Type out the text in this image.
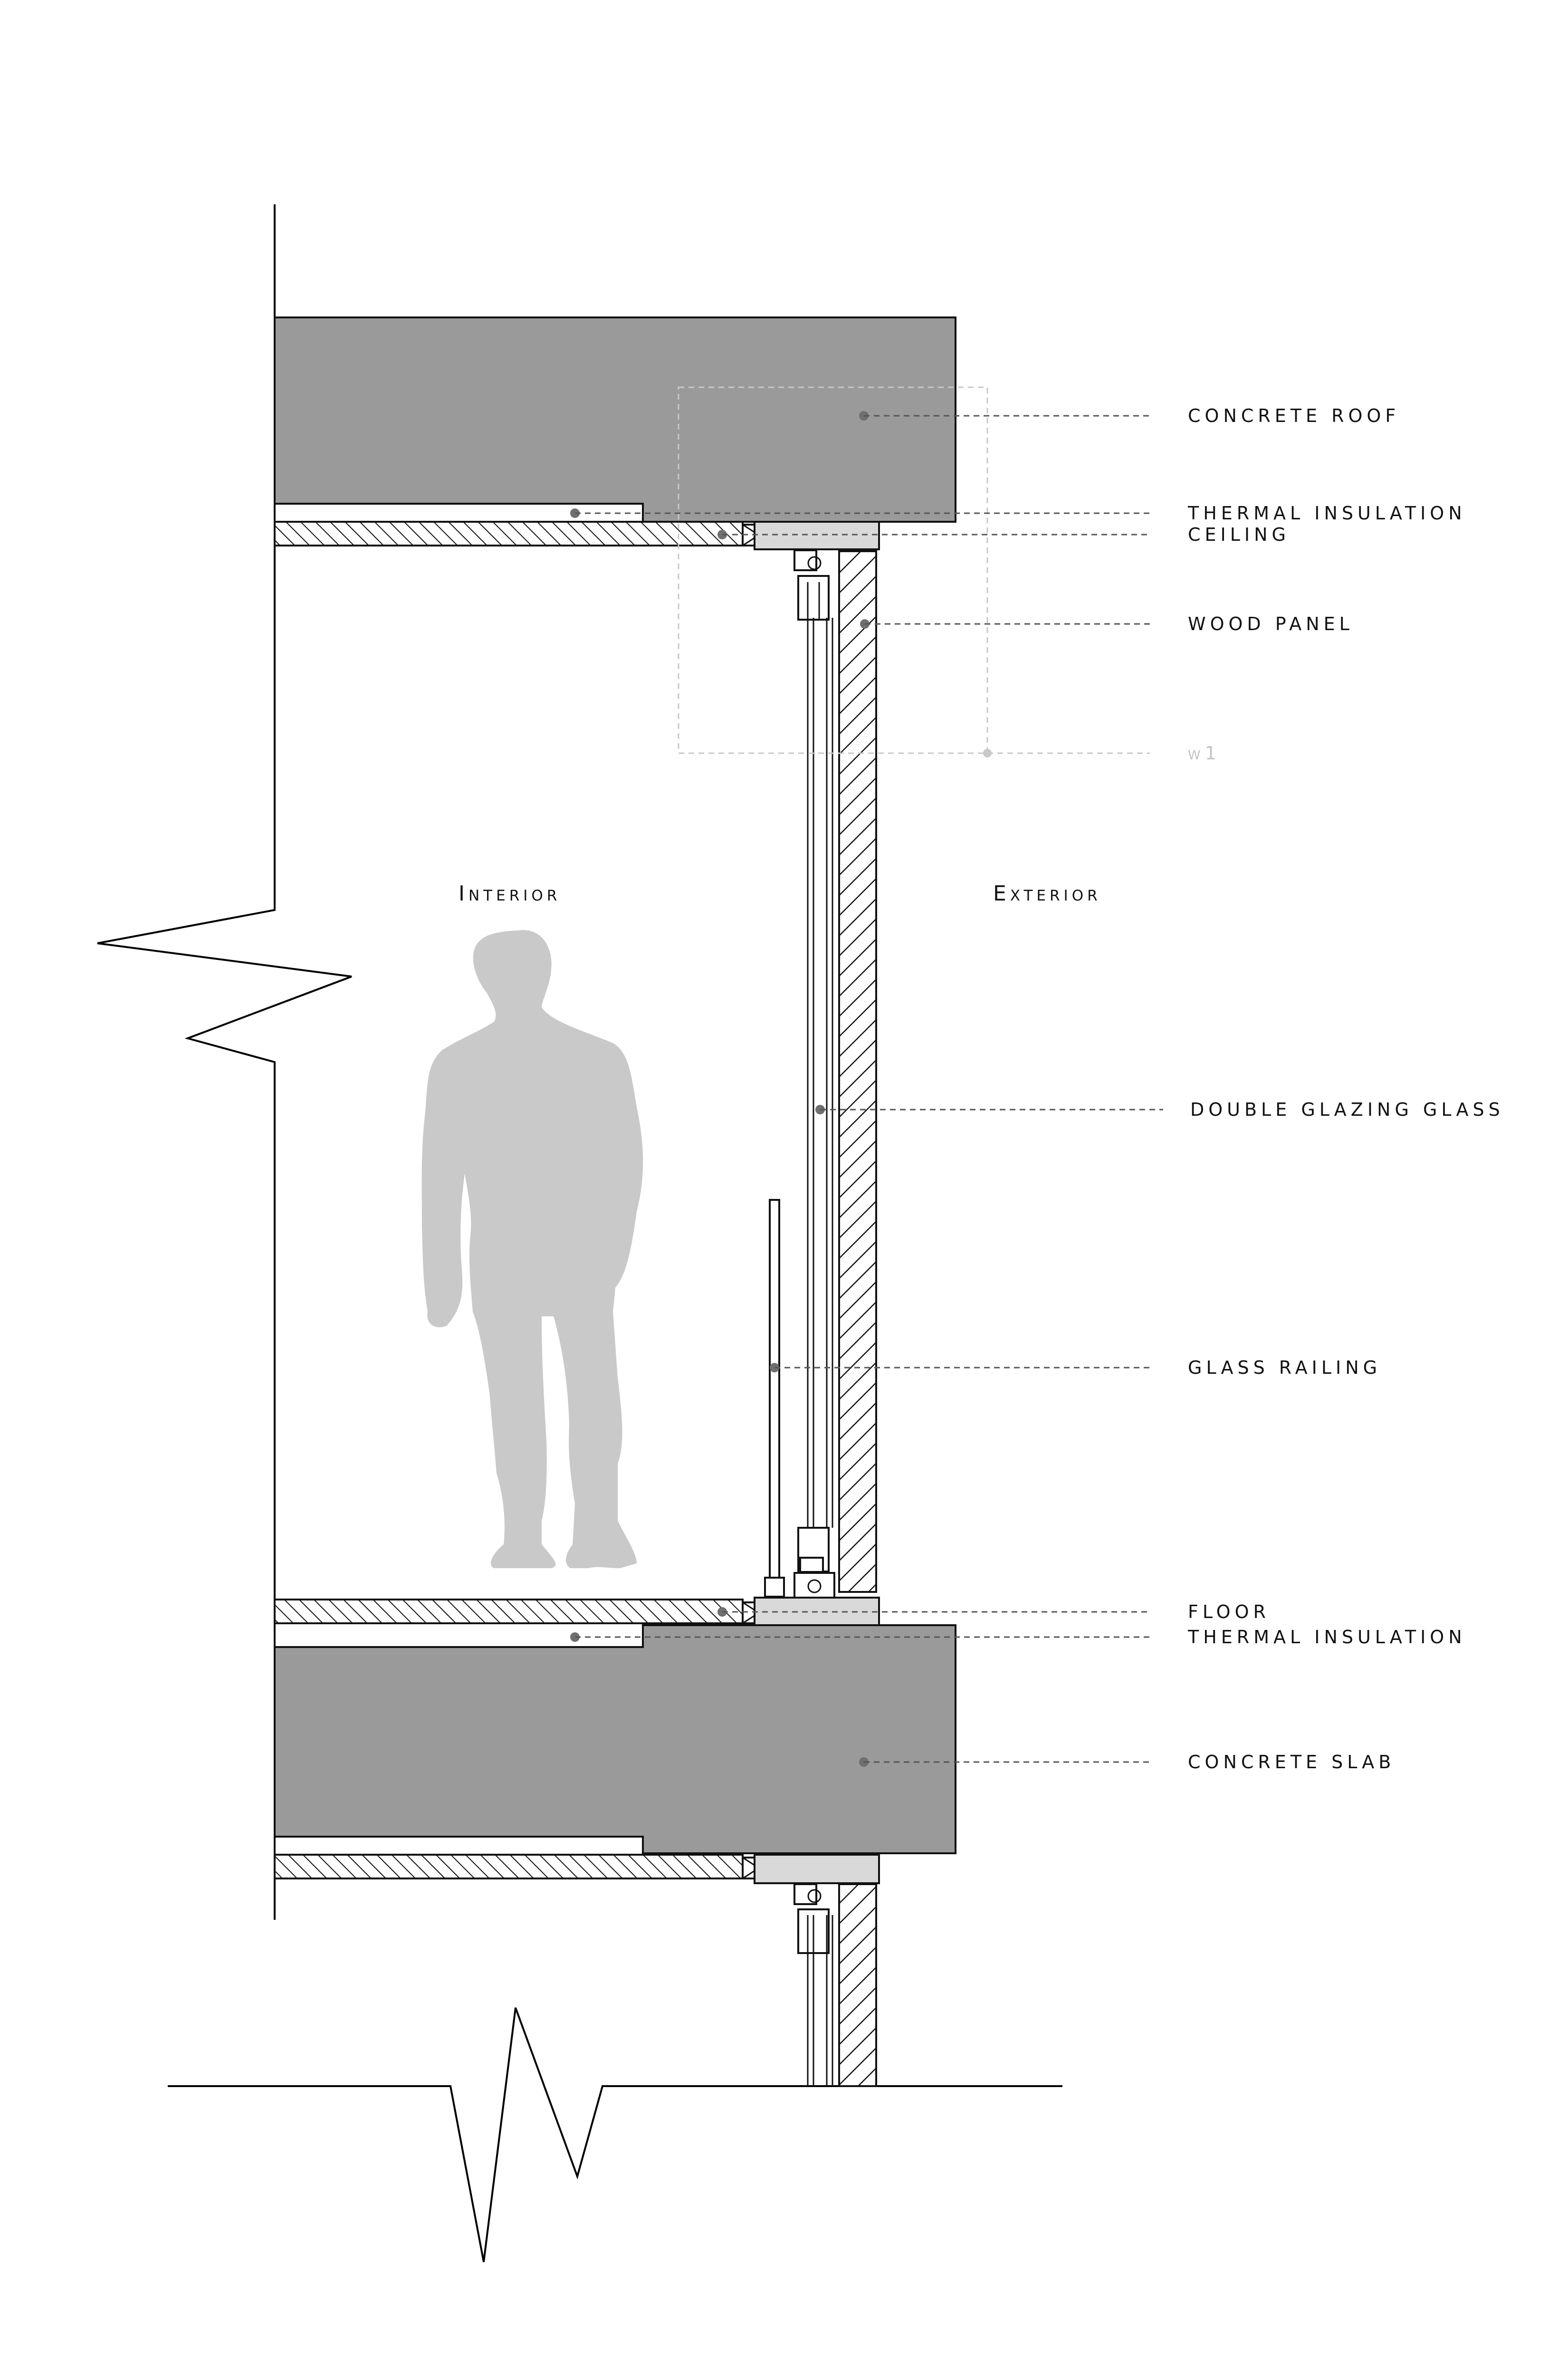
w1
Interior	Exterior
CONCRETE ROOF
THERMAL INSULATION
CEILING
WOOD PANEL
DOUBLE GLAZING GLASS
GLASS RAILING
FLOOR
THERMAL INSULATION
CONCRETE SLAB
